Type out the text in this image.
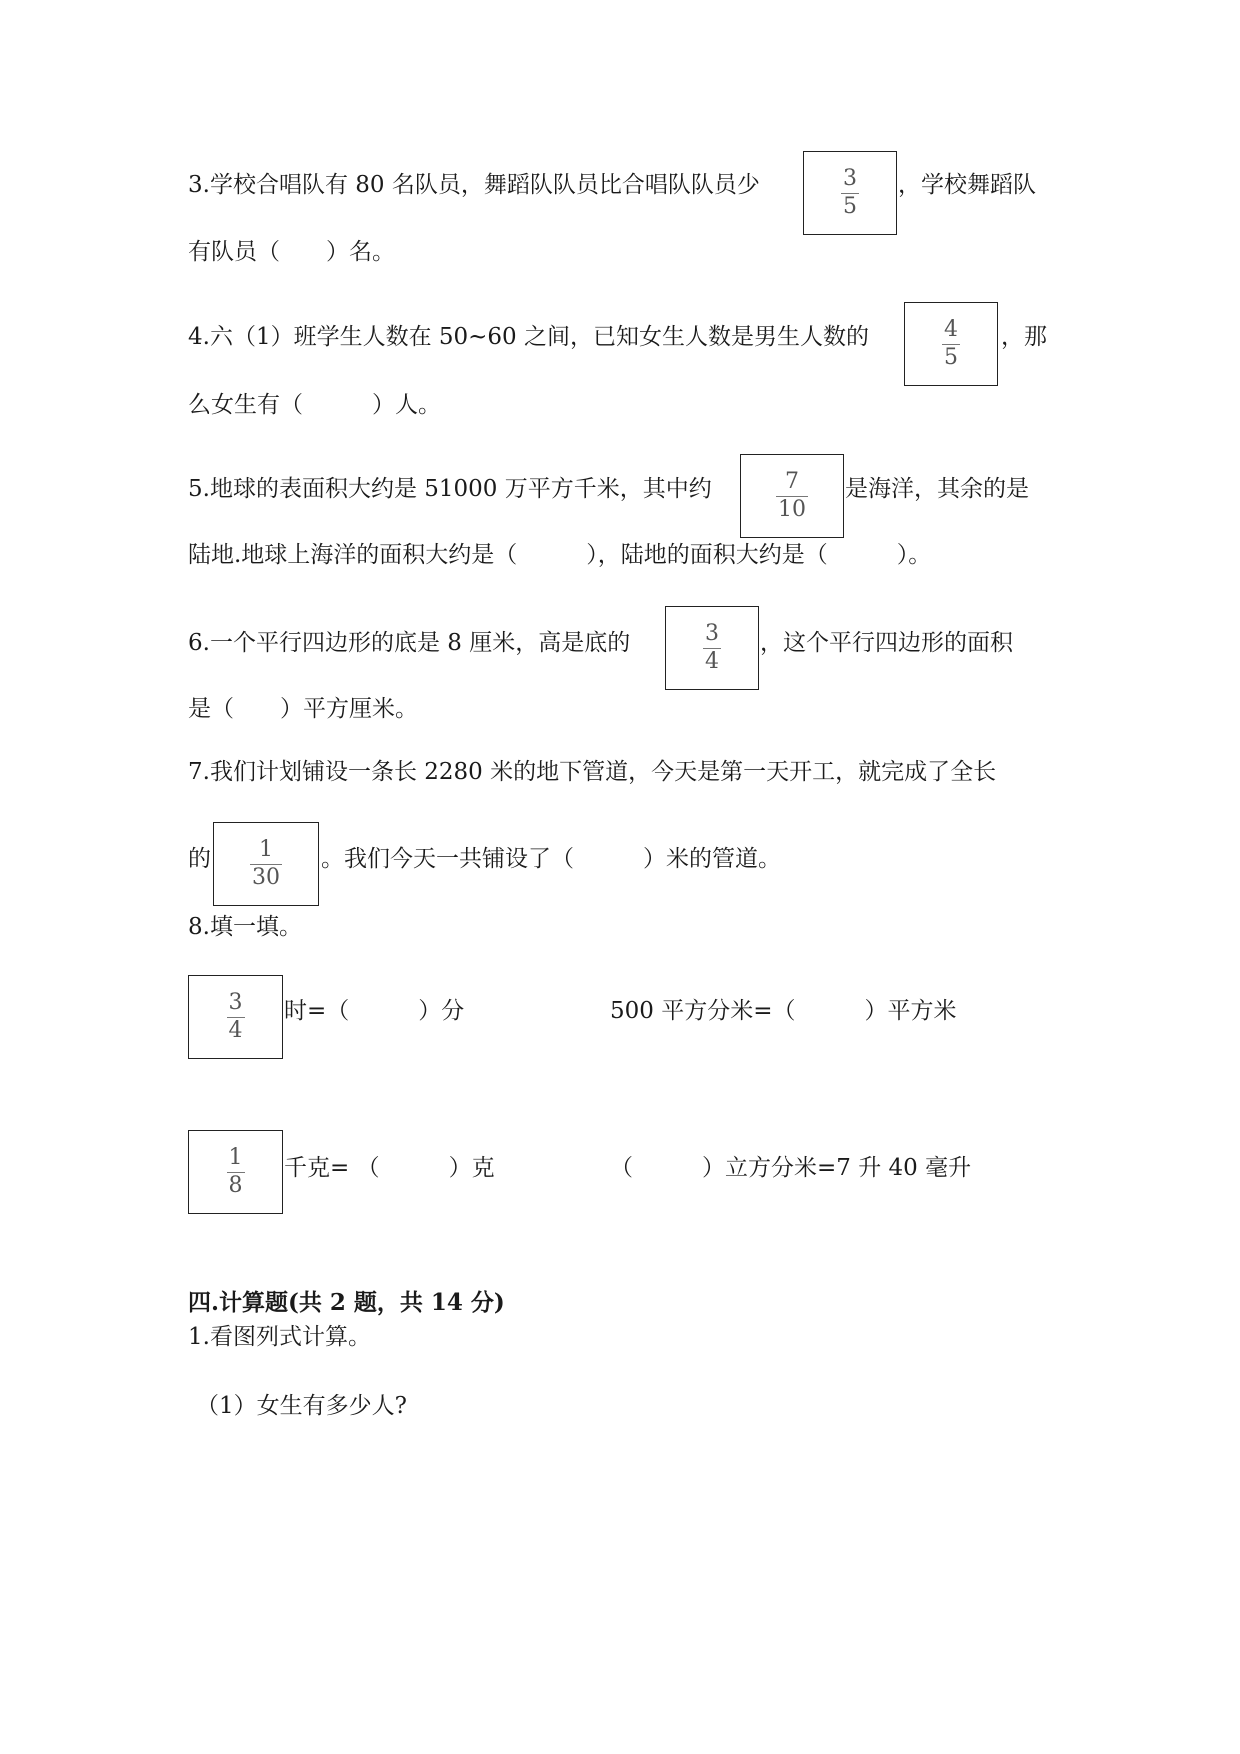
3.学校合唱队有 80 名队员，舞蹈队队员比合唱队队员少	$\frac{3}{5}$ ，学校舞蹈队
有队员（　　）名。
4.六（1）班学生人数在 50~60 之间，已知女生人数是男生人数的	$\frac{4}{5}$ ，那
么女生有（　　　）人。
5.地球的表面积大约是 51000 万平方千米，其中约	$\frac{7}{10}$ 是海洋，其余的是
陆地.地球上海洋的面积大约是（　　　），陆地的面积大约是（　　　）。
6.一个平行四边形的底是 8 厘米，高是底的	$\frac{3}{4}$ ，这个平行四边形的面积
是（　　）平方厘米。
7.我们计划铺设一条长 2280 米的地下管道，今天是第一天开工，就完成了全长
的 $\frac{1}{30}$ 。我们今天一共铺设了（　　　）米的管道。
8.填一填。
$\frac{3}{4}$ 时=（　　　）分	500 平方分米=（　　　）平方米
$\frac{1}{8}$ 千克= （　　　）克	（　　　）立方分米=7 升 40 毫升
四.计算题(共 2 题，共 14 分)
1.看图列式计算。
（1）女生有多少人?
